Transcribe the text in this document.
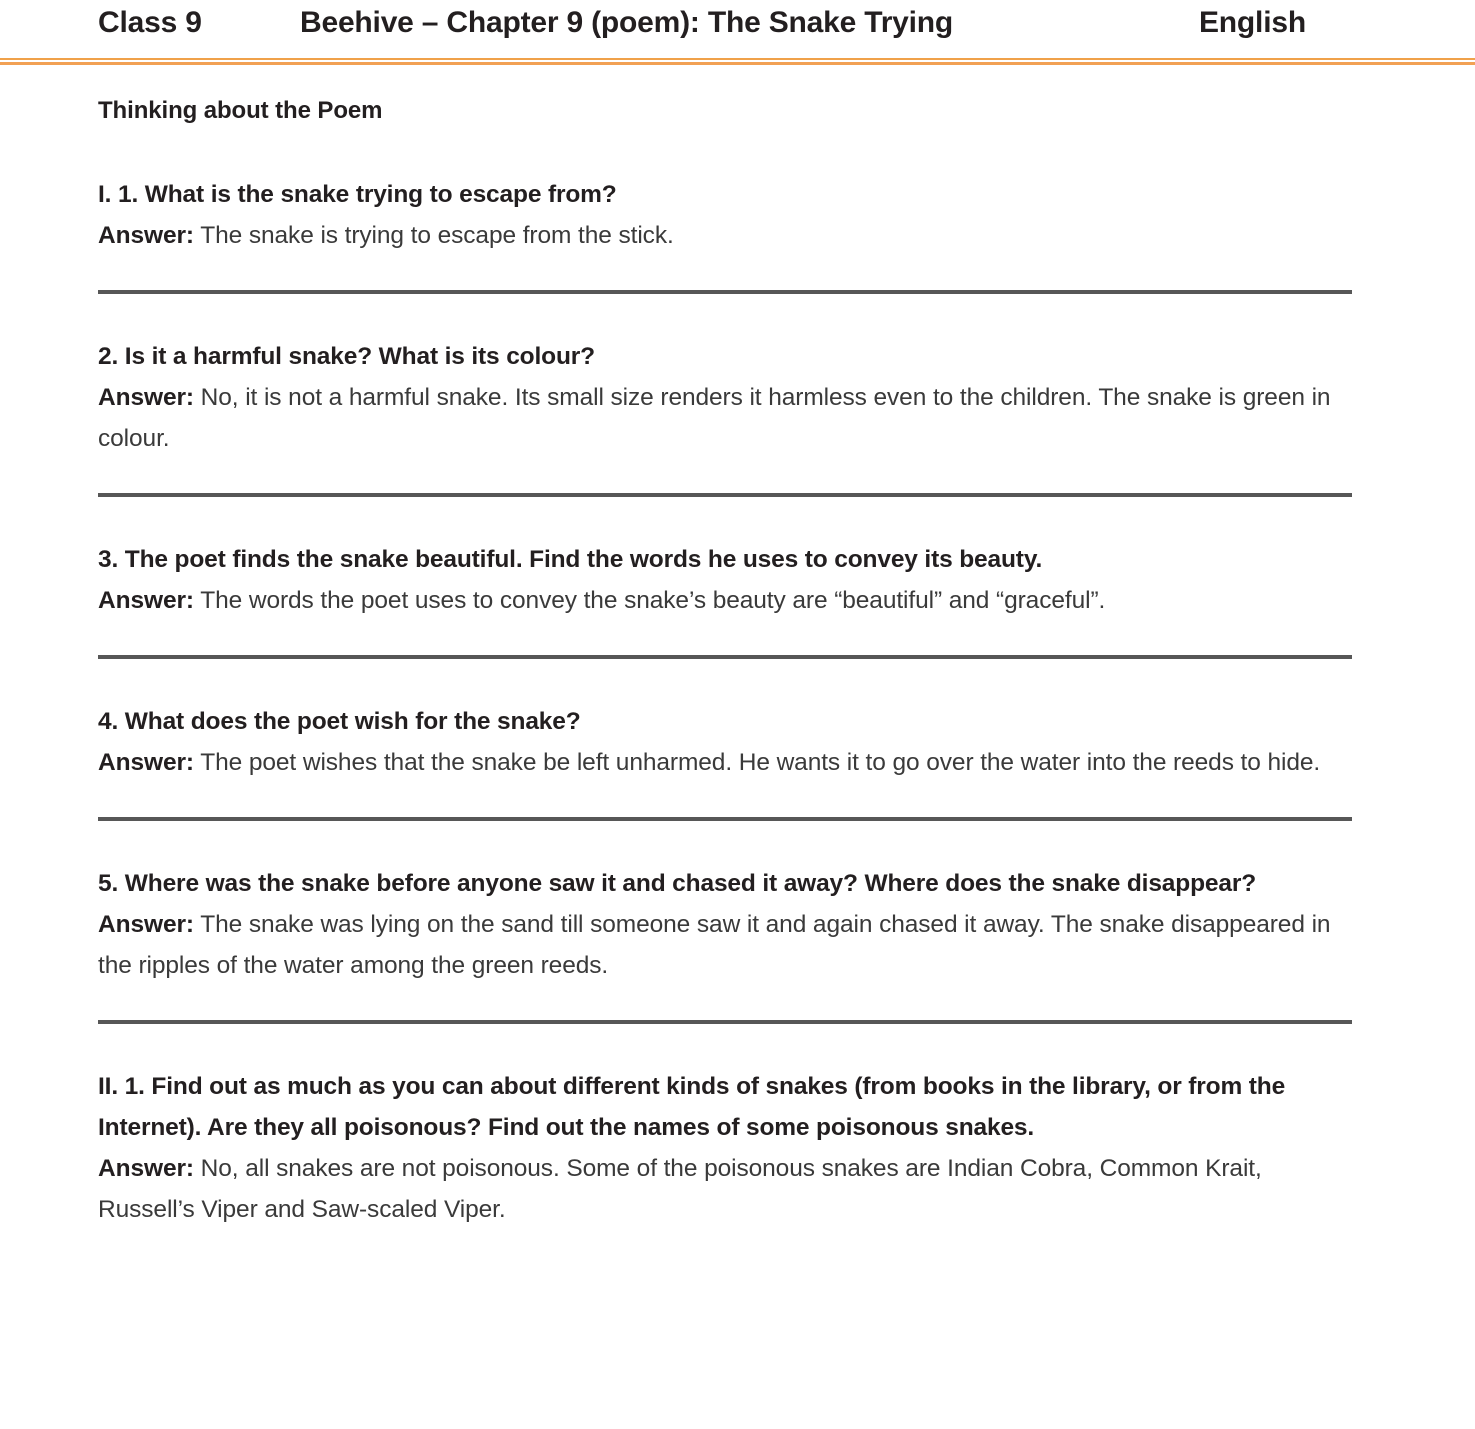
Class 9	Beehive – Chapter 9 (poem): The Snake Trying	English
Thinking about the Poem

I. 1. What is the snake trying to escape from?

Answer: The snake is trying to escape from the stick.

2. Is it a harmful snake? What is its colour?

Answer: No, it is not a harmful snake. Its small size renders it harmless even to the children. The snake is green in colour.

3. The poet finds the snake beautiful. Find the words he uses to convey its beauty.

Answer: The words the poet uses to convey the snake’s beauty are “beautiful” and “graceful”.

4. What does the poet wish for the snake?

Answer: The poet wishes that the snake be left unharmed. He wants it to go over the water into the reeds to hide.

5. Where was the snake before anyone saw it and chased it away? Where does the snake disappear?

Answer: The snake was lying on the sand till someone saw it and again chased it away. The snake disappeared in the ripples of the water among the green reeds.

II. 1. Find out as much as you can about different kinds of snakes (from books in the library, or from the Internet). Are they all poisonous? Find out the names of some poisonous snakes.

Answer: No, all snakes are not poisonous. Some of the poisonous snakes are Indian Cobra, Common Krait, Russell’s Viper and Saw-scaled Viper.
